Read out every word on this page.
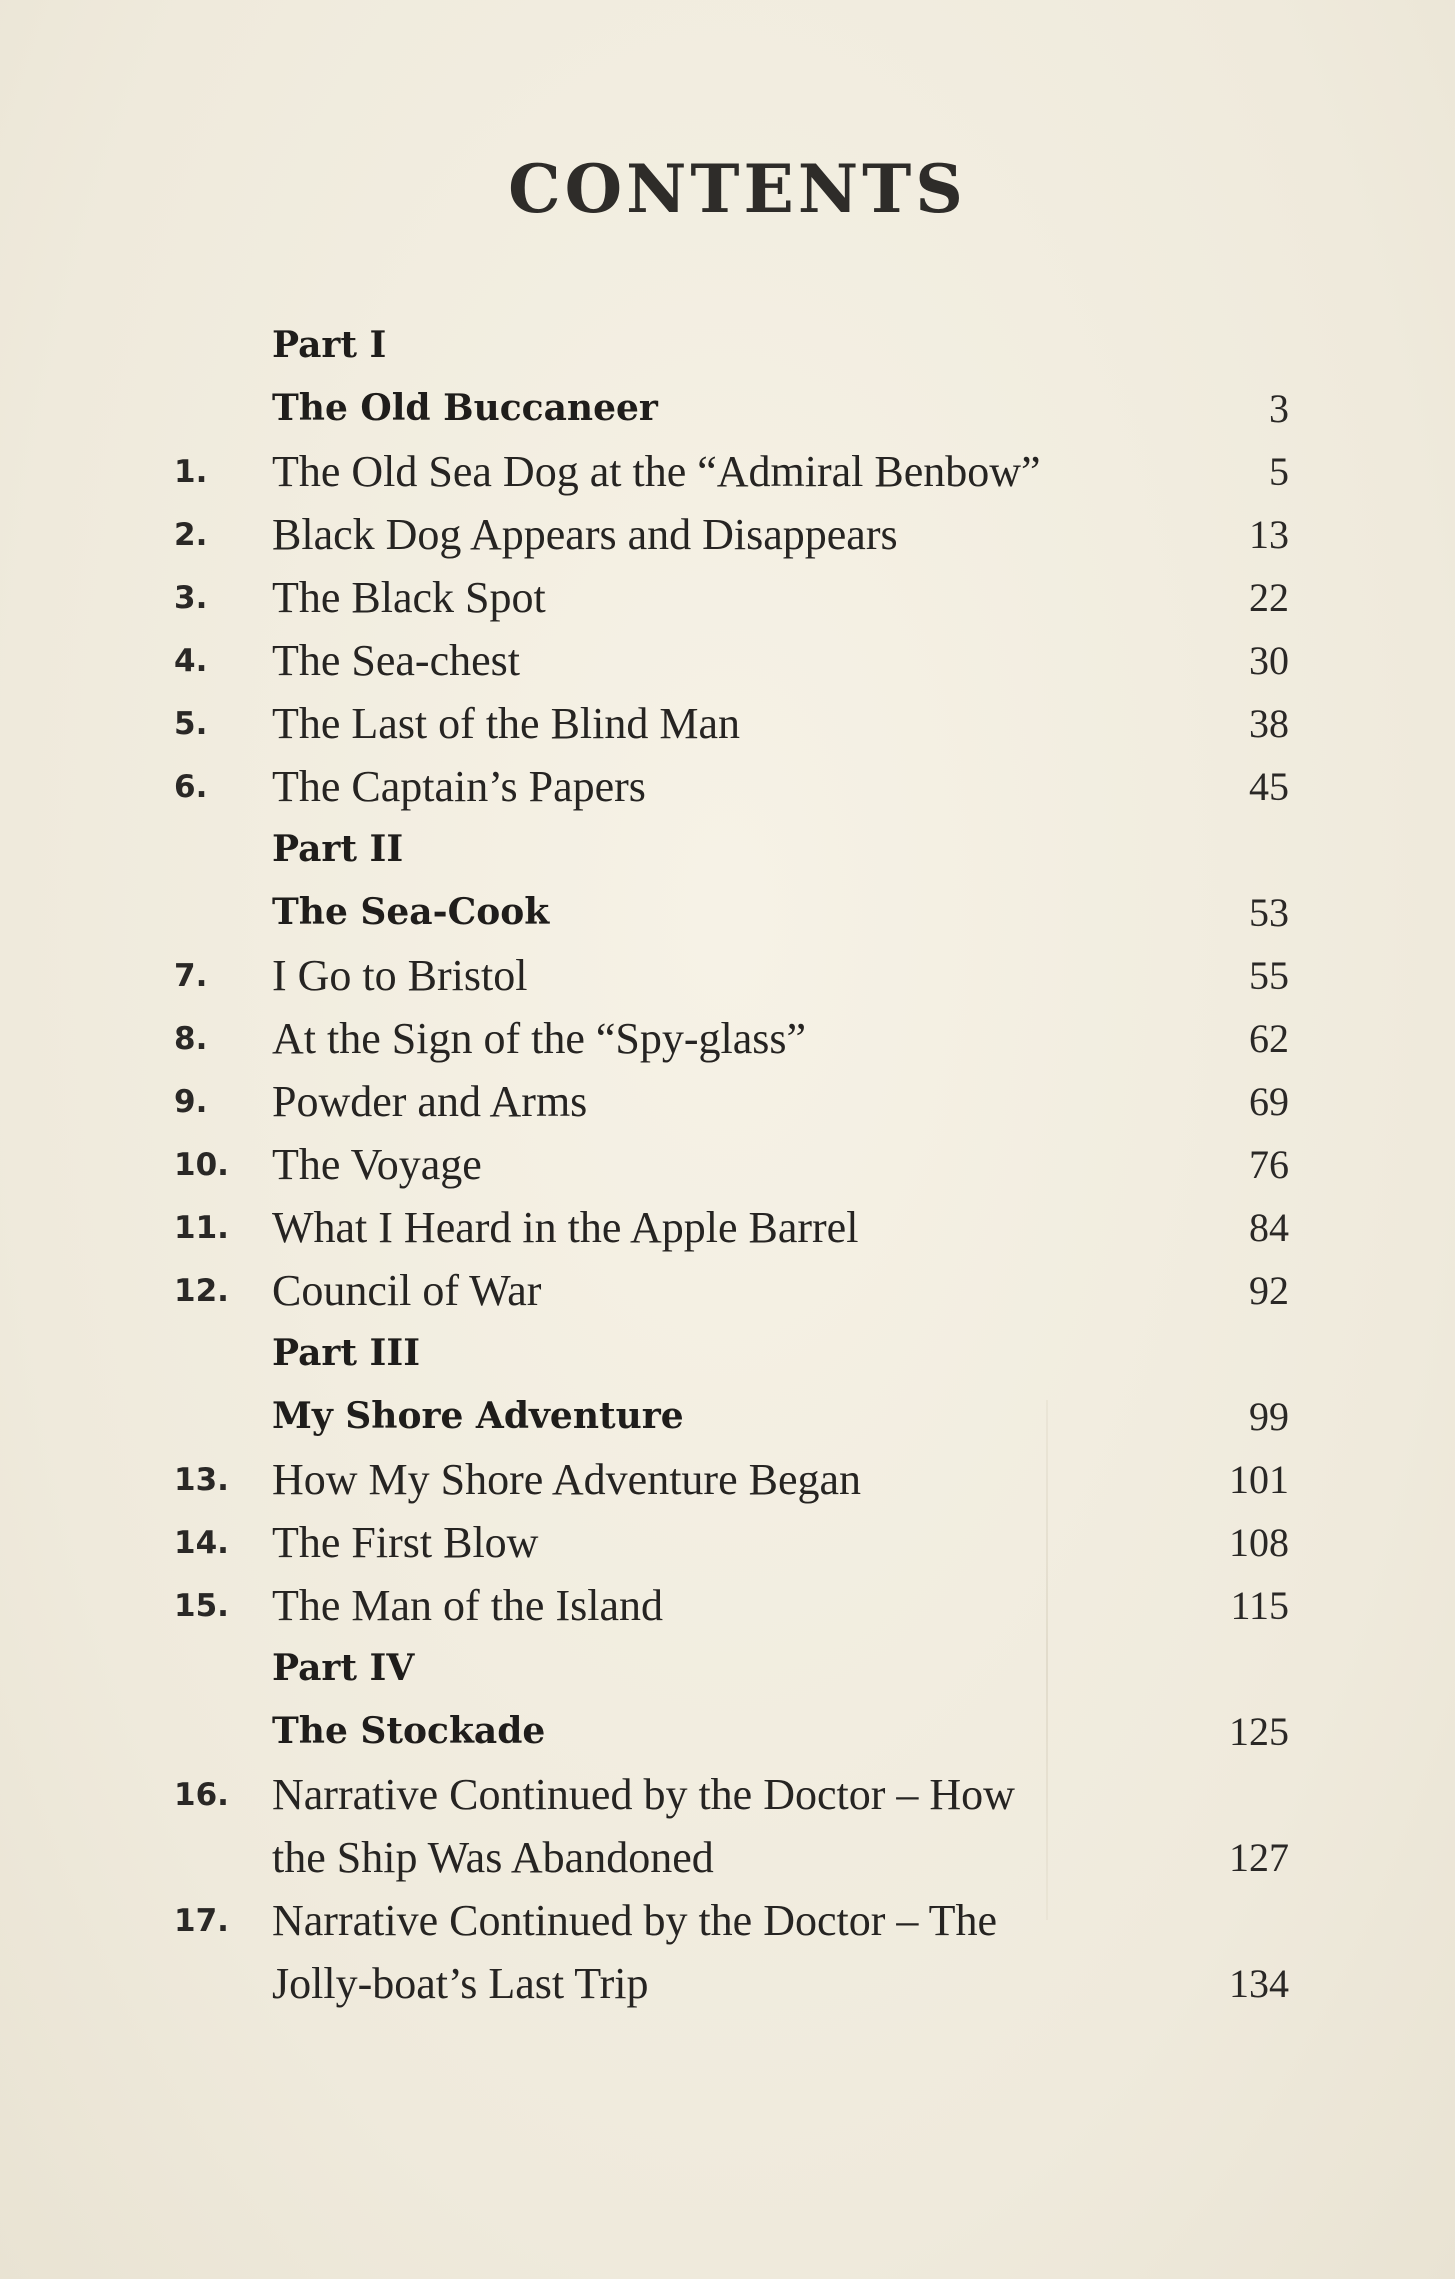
CONTENTS
Part I
The Old Buccaneer	3
1. The Old Sea Dog at the “Admiral Benbow”	5
2. Black Dog Appears and Disappears	13
3. The Black Spot	22
4. The Sea-chest	30
5. The Last of the Blind Man	38
6. The Captain’s Papers	45
Part II
The Sea-Cook	53
7. I Go to Bristol	55
8. At the Sign of the “Spy-glass”	62
9. Powder and Arms	69
10. The Voyage	76
11. What I Heard in the Apple Barrel	84
12. Council of War	92
Part III
My Shore Adventure	99
13. How My Shore Adventure Began	101
14. The First Blow	108
15. The Man of the Island	115
Part IV
The Stockade	125
16. Narrative Continued by the Doctor – How the Ship Was Abandoned	127
17. Narrative Continued by the Doctor – The Jolly-boat’s Last Trip	134
